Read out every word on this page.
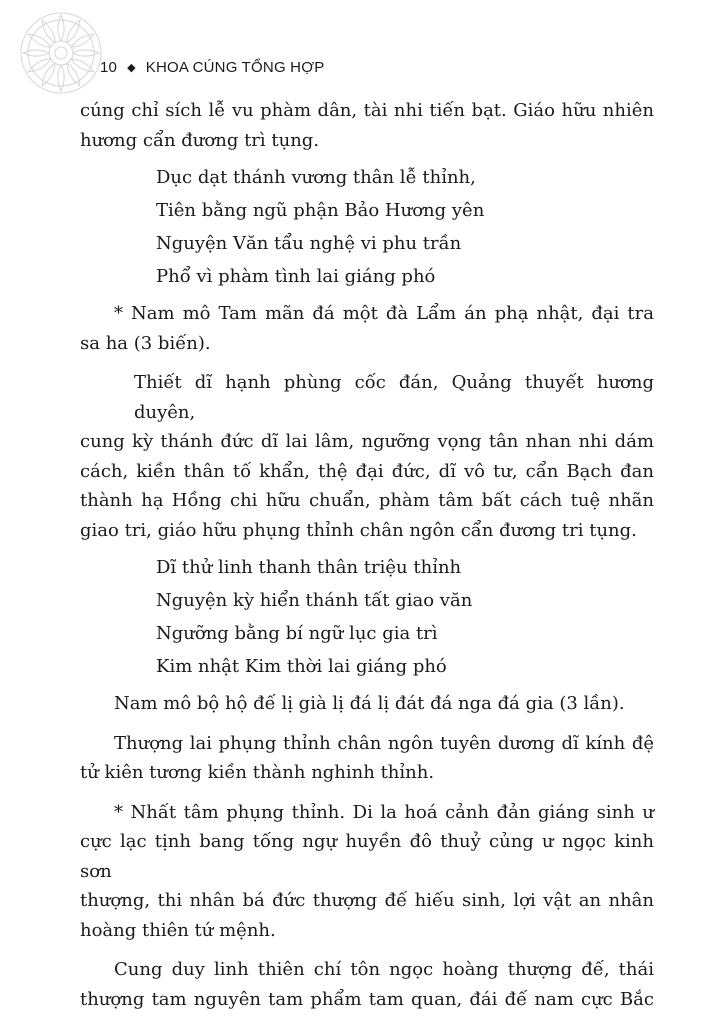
10 ◆ KHOA CÚNG TỔNG HỢP

cúng chỉ sích lễ vu phàm dân, tài nhi tiến bạt. Giáo hữu nhiên
hương cẩn đương trì tụng.

Dục dạt thánh vương thân lễ thỉnh,
Tiên bằng ngũ phận Bảo Hương yên
Nguyện Văn tẩu nghệ vi phu trần
Phổ vì phàm tình lai giáng phó

* Nam mô Tam mãn đá một đà Lẩm án phạ nhật, đại tra
sa ha (3 biến).

Thiết dĩ hạnh phùng cốc đán, Quảng thuyết hương duyên,
cung kỳ thánh đức dĩ lai lâm, ngưỡng vọng tân nhan nhi dám
cách, kiền thân tố khẩn, thệ đại đức, dĩ vô tư, cẩn Bạch đan
thành hạ Hồng chi hữu chuẩn, phàm tâm bất cách tuệ nhãn
giao tri, giáo hữu phụng thỉnh chân ngôn cẩn đương tri tụng.

Dĩ thử linh thanh thân triệu thỉnh
Nguyện kỳ hiển thánh tất giao văn
Ngưỡng bằng bí ngữ lục gia trì
Kim nhật Kim thời lai giáng phó

Nam mô bộ hộ đế lị già lị đá lị đát đá nga đá gia (3 lần).

Thượng lai phụng thỉnh chân ngôn tuyên dương dĩ kính đệ
tử kiên tương kiền thành nghinh thỉnh.

* Nhất tâm phụng thỉnh. Di la hoá cảnh đản giáng sinh ư
cực lạc tịnh bang tống ngự huyền đô thuỷ củng ư ngọc kinh sơn
thượng, thi nhân bá đức thượng đế hiếu sinh, lợi vật an nhân
hoàng thiên tứ mệnh.

Cung duy linh thiên chí tôn ngọc hoàng thượng đế, thái
thượng tam nguyên tam phẩm tam quan, đái đế nam cực Bắc
